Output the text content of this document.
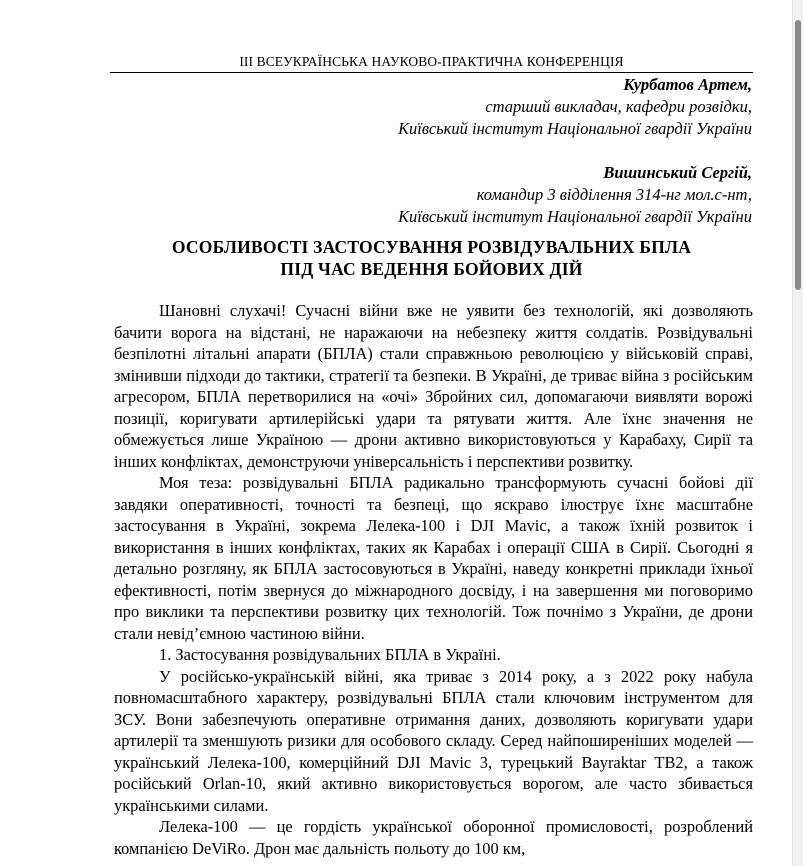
ІІІ ВСЕУКРАЇНСЬКА НАУКОВО-ПРАКТИЧНА КОНФЕРЕНЦІЯ
Курбатов Артем,
старший викладач, кафедри розвідки,
Київський інститут Національної гвардії України
Вишинський Сергій,
командир 3 відділення 314-нг мол.с-нт,
Київський інститут Національної гвардії України
ОСОБЛИВОСТІ ЗАСТОСУВАННЯ РОЗВІДУВАЛЬНИХ БПЛА
ПІД ЧАС ВЕДЕННЯ БОЙОВИХ ДІЙ

Шановні слухачі! Сучасні війни вже не уявити без технологій, які дозволяють бачити ворога на відстані, не наражаючи на небезпеку життя солдатів. Розвідувальні безпілотні літальні апарати (БПЛА) стали справжньою революцією у військовій справі, змінивши підходи до тактики, стратегії та безпеки. В Україні, де триває війна з російським агресором, БПЛА перетворилися на «очі» Збройних сил, допомагаючи виявляти ворожі позиції, коригувати артилерійські удари та рятувати життя. Але їхнє значення не обмежується лише Україною — дрони активно використовуються у Карабаху, Сирії та інших конфліктах, демонструючи універсальність і перспективи розвитку.

Моя теза: розвідувальні БПЛА радикально трансформують сучасні бойові дії завдяки оперативності, точності та безпеці, що яскраво ілюструє їхнє масштабне застосування в Україні, зокрема Лелека-100 і DJI Mavic, а також їхній розвиток і використання в інших конфліктах, таких як Карабах і операції США в Сирії. Сьогодні я детально розгляну, як БПЛА застосовуються в Україні, наведу конкретні приклади їхньої ефективності, потім звернуся до міжнародного досвіду, і на завершення ми поговоримо про виклики та перспективи розвитку цих технологій. Тож почнімо з України, де дрони стали невід’ємною частиною війни.

1. Застосування розвідувальних БПЛА в Україні.

У російсько-українській війні, яка триває з 2014 року, а з 2022 року набула повномасштабного характеру, розвідувальні БПЛА стали ключовим інструментом для ЗСУ. Вони забезпечують оперативне отримання даних, дозволяють коригувати удари артилерії та зменшують ризики для особового складу. Серед найпоширеніших моделей — український Лелека-100, комерційний DJI Mavic 3, турецький Bayraktar TB2, а також російський Orlan-10, який активно використовується ворогом, але часто збивається українськими силами.

Лелека-100 — це гордість української оборонної промисловості, розроблений компанією DeViRo. Дрон має дальність польоту до 100 км,
